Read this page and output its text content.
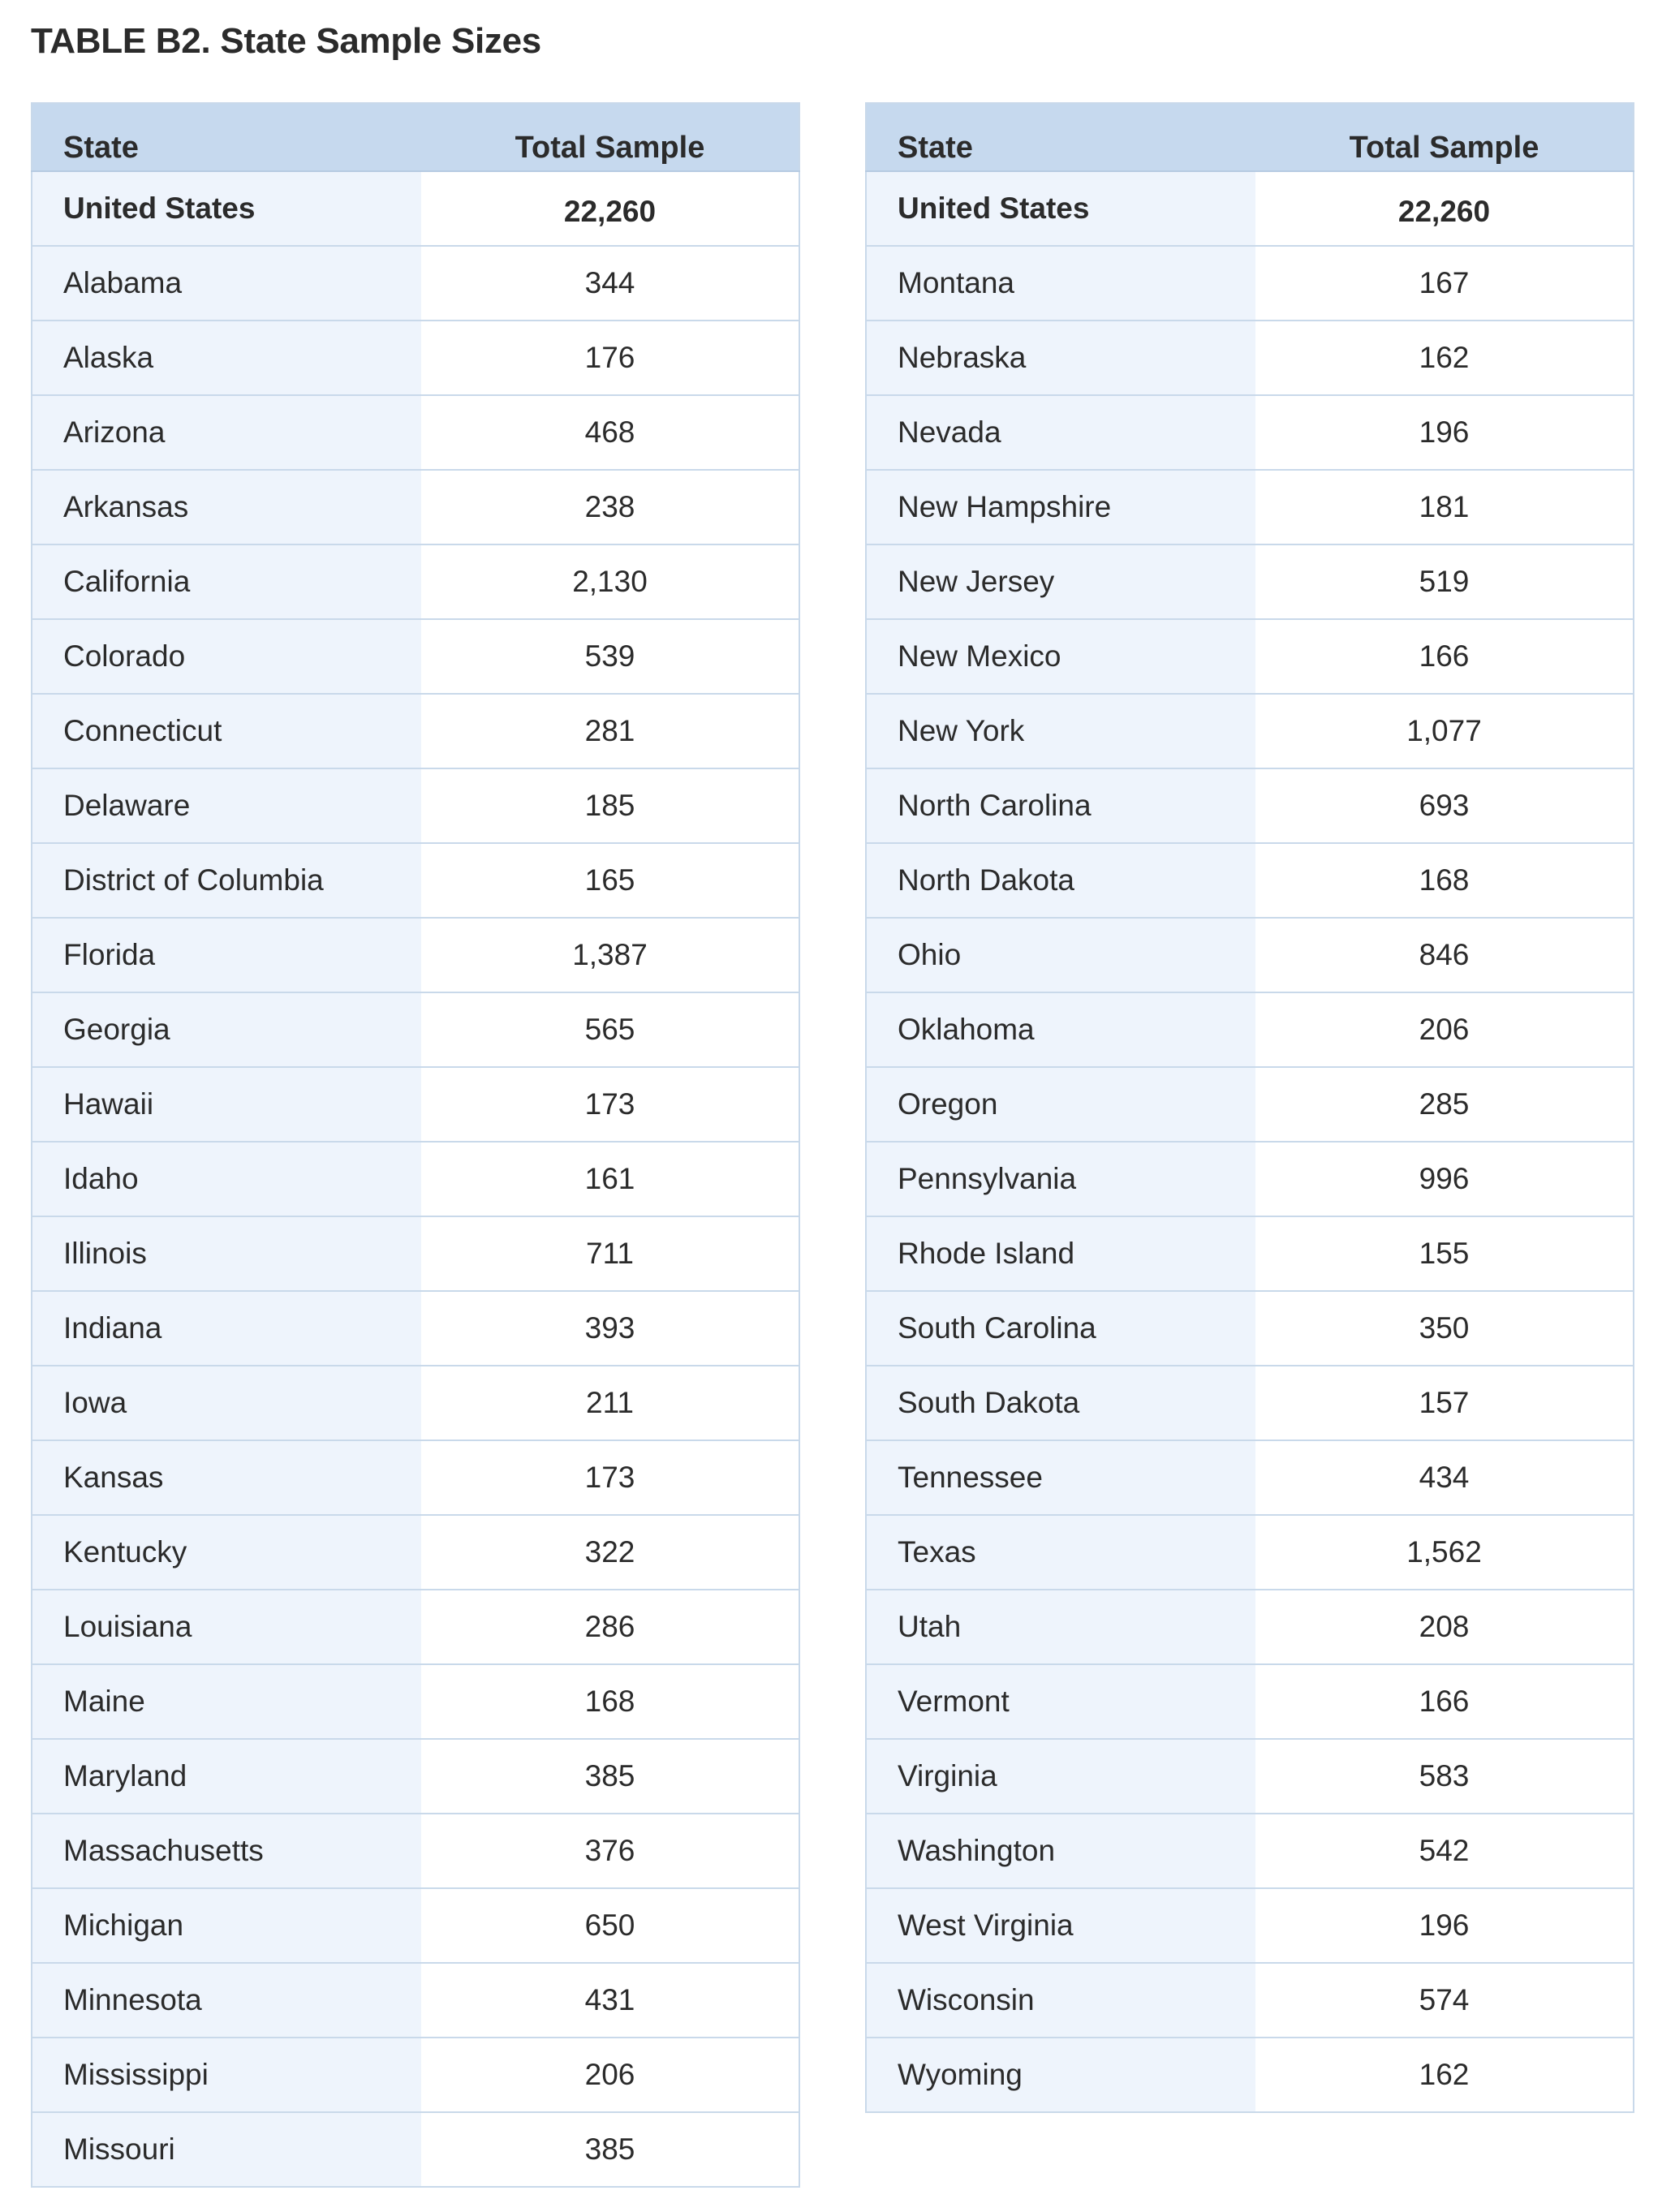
TABLE B2. State Sample Sizes
State	Total Sample
United States	22,260
Alabama	344
Alaska	176
Arizona	468
Arkansas	238
California	2,130
Colorado	539
Connecticut	281
Delaware	185
District of Columbia	165
Florida	1,387
Georgia	565
Hawaii	173
Idaho	161
Illinois	711
Indiana	393
Iowa	211
Kansas	173
Kentucky	322
Louisiana	286
Maine	168
Maryland	385
Massachusetts	376
Michigan	650
Minnesota	431
Mississippi	206
Missouri	385
State	Total Sample
United States	22,260
Montana	167
Nebraska	162
Nevada	196
New Hampshire	181
New Jersey	519
New Mexico	166
New York	1,077
North Carolina	693
North Dakota	168
Ohio	846
Oklahoma	206
Oregon	285
Pennsylvania	996
Rhode Island	155
South Carolina	350
South Dakota	157
Tennessee	434
Texas	1,562
Utah	208
Vermont	166
Virginia	583
Washington	542
West Virginia	196
Wisconsin	574
Wyoming	162
